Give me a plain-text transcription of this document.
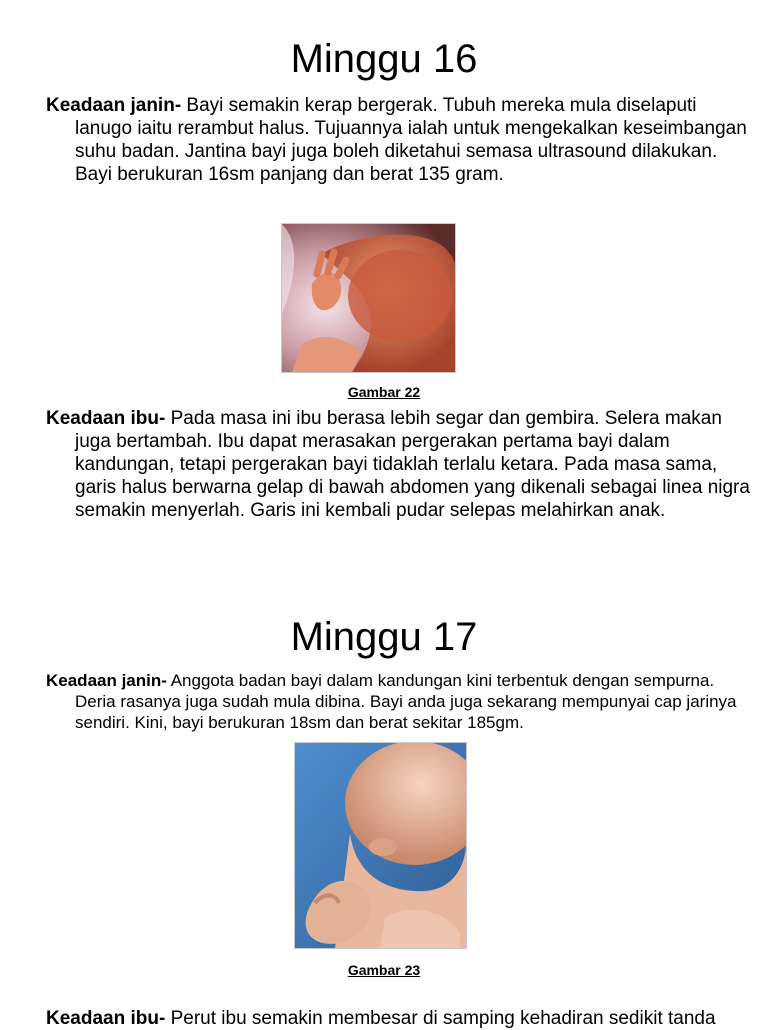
Minggu 16

Keadaan janin- Bayi semakin kerap bergerak. Tubuh mereka mula diselaputi lanugo iaitu rerambut halus. Tujuannya ialah untuk mengekalkan keseimbangan suhu badan. Jantina bayi juga boleh diketahui semasa ultrasound dilakukan. Bayi berukuran 16sm panjang dan berat 135 gram.

Gambar 22

Keadaan ibu- Pada masa ini ibu berasa lebih segar dan gembira. Selera makan juga bertambah. Ibu dapat merasakan pergerakan pertama bayi dalam kandungan, tetapi pergerakan bayi tidaklah terlalu ketara. Pada masa sama, garis halus berwarna gelap di bawah abdomen yang dikenali sebagai linea nigra semakin menyerlah. Garis ini kembali pudar selepas melahirkan anak.

Minggu 17

Keadaan janin- Anggota badan bayi dalam kandungan kini terbentuk dengan sempurna. Deria rasanya juga sudah mula dibina. Bayi anda juga sekarang mempunyai cap jarinya sendiri. Kini, bayi berukuran 18sm dan berat sekitar 185gm.

Gambar 23

Keadaan ibu- Perut ibu semakin membesar di samping kehadiran sedikit tanda
